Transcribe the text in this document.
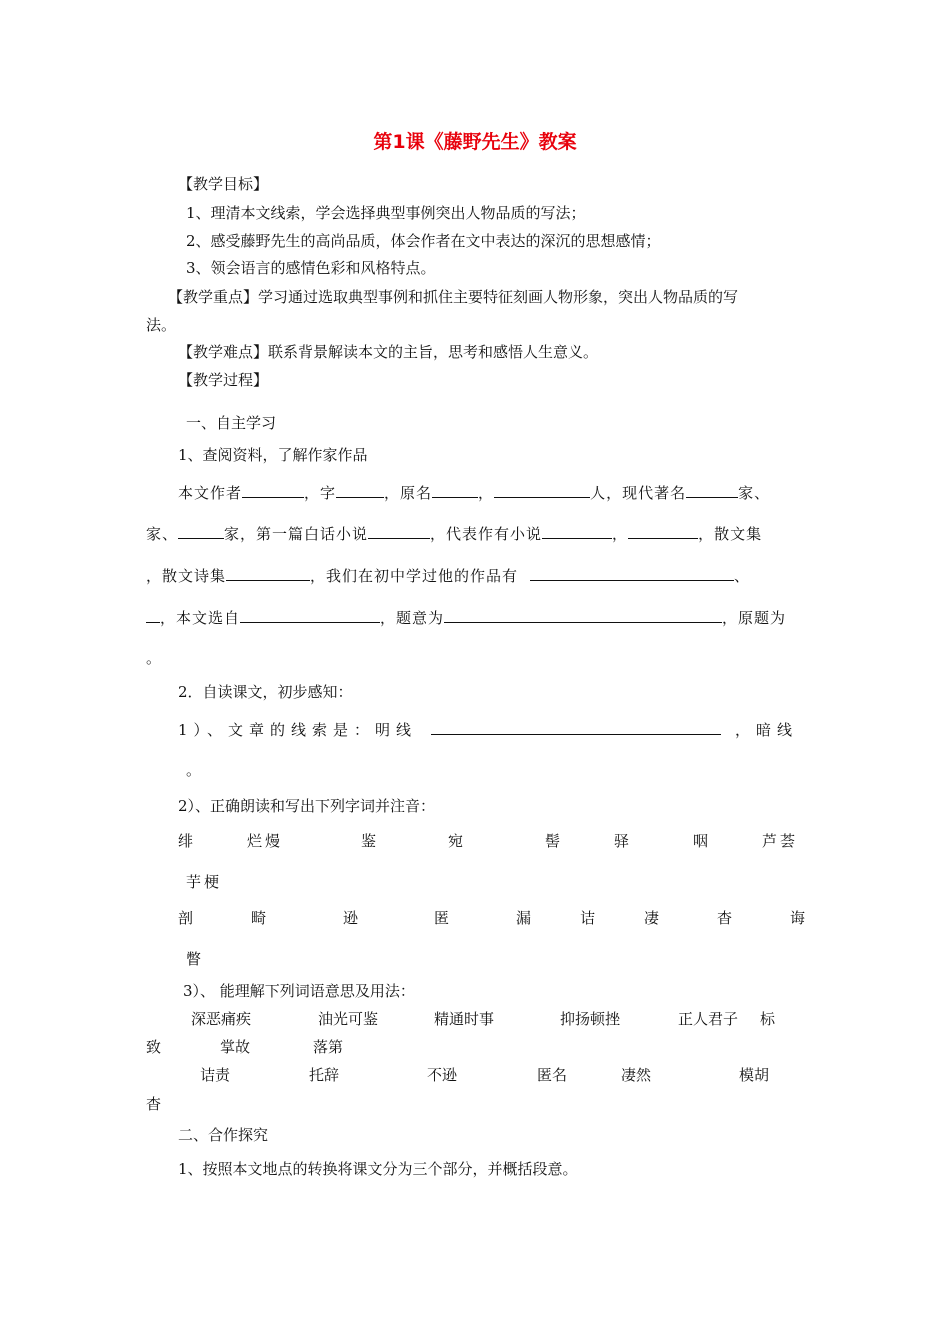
第1课《藤野先生》教案
【教学目标】
1、理清本文线索，学会选择典型事例突出人物品质的写法；
2、感受藤野先生的高尚品质，体会作者在文中表达的深沉的思想感情；
3、领会语言的感情色彩和风格特点。
【教学重点】学习通过选取典型事例和抓住主要特征刻画人物形象，突出人物品质的写
法。
【教学难点】联系背景解读本文的主旨，思考和感悟人生意义。
【教学过程】
一、自主学习
1、查阅资料，了解作家作品
本文作者	，字	，原名	，	人，现代著名	家、
家、	家，第一篇白话小说	，代表作有小说	，	，散文集
，散文诗集	，我们在初中学过他的作品有	、
，本文选自	，题意为	，原题为
。
2．自读课文，初步感知：
1）、文章的线索是：明线	，暗线
。
2）、正确朗读和写出下列字词并注音：
绯	烂熳	鉴	宛	髻	驿	咽	芦荟
芋梗
剖	畸	逊	匿	漏	诘	凄	杳	诲
瞥
3）、 能理解下列词语意思及用法：
深恶痛疾	油光可鉴	精通时事	抑扬顿挫	正人君子 标
致	掌故	落第
诘责	托辞	不逊	匿名	凄然	模胡
杳
二、合作探究
1、按照本文地点的转换将课文分为三个部分，并概括段意。
